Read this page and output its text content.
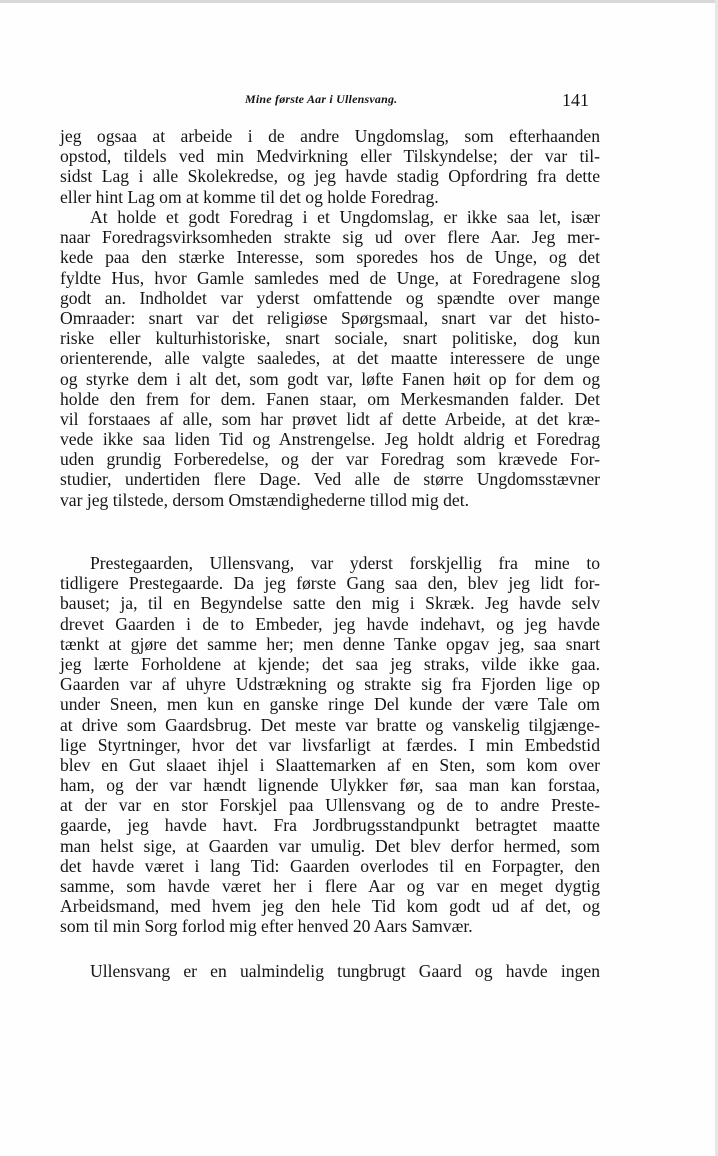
Mine første Aar i Ullensvang.	141
jeg ogsaa at arbeide i de andre Ungdomslag, som efterhaanden
opstod, tildels ved min Medvirkning eller Tilskyndelse; der var til-
sidst Lag i alle Skolekredse, og jeg havde stadig Opfordring fra dette
eller hint Lag om at komme til det og holde Foredrag.
At holde et godt Foredrag i et Ungdomslag, er ikke saa let, især
naar Foredragsvirksomheden strakte sig ud over flere Aar. Jeg mer-
kede paa den stærke Interesse, som sporedes hos de Unge, og det
fyldte Hus, hvor Gamle samledes med de Unge, at Foredragene slog
godt an. Indholdet var yderst omfattende og spændte over mange
Omraader: snart var det religiøse Spørgsmaal, snart var det histo-
riske eller kulturhistoriske, snart sociale, snart politiske, dog kun
orienterende, alle valgte saaledes, at det maatte interessere de unge
og styrke dem i alt det, som godt var, løfte Fanen høit op for dem og
holde den frem for dem. Fanen staar, om Merkesmanden falder. Det
vil forstaaes af alle, som har prøvet lidt af dette Arbeide, at det kræ-
vede ikke saa liden Tid og Anstrengelse. Jeg holdt aldrig et Foredrag
uden grundig Forberedelse, og der var Foredrag som krævede For-
studier, undertiden flere Dage. Ved alle de større Ungdomsstævner
var jeg tilstede, dersom Omstændighederne tillod mig det.
Prestegaarden, Ullensvang, var yderst forskjellig fra mine to
tidligere Prestegaarde. Da jeg første Gang saa den, blev jeg lidt for-
bauset; ja, til en Begyndelse satte den mig i Skræk. Jeg havde selv
drevet Gaarden i de to Embeder, jeg havde indehavt, og jeg havde
tænkt at gjøre det samme her; men denne Tanke opgav jeg, saa snart
jeg lærte Forholdene at kjende; det saa jeg straks, vilde ikke gaa.
Gaarden var af uhyre Udstrækning og strakte sig fra Fjorden lige op
under Sneen, men kun en ganske ringe Del kunde der være Tale om
at drive som Gaardsbrug. Det meste var bratte og vanskelig tilgjænge-
lige Styrtninger, hvor det var livsfarligt at færdes. I min Embedstid
blev en Gut slaaet ihjel i Slaattemarken af en Sten, som kom over
ham, og der var hændt lignende Ulykker før, saa man kan forstaa,
at der var en stor Forskjel paa Ullensvang og de to andre Preste-
gaarde, jeg havde havt. Fra Jordbrugsstandpunkt betragtet maatte
man helst sige, at Gaarden var umulig. Det blev derfor hermed, som
det havde været i lang Tid: Gaarden overlodes til en Forpagter, den
samme, som havde været her i flere Aar og var en meget dygtig
Arbeidsmand, med hvem jeg den hele Tid kom godt ud af det, og
som til min Sorg forlod mig efter henved 20 Aars Samvær.
Ullensvang er en ualmindelig tungbrugt Gaard og havde ingen
